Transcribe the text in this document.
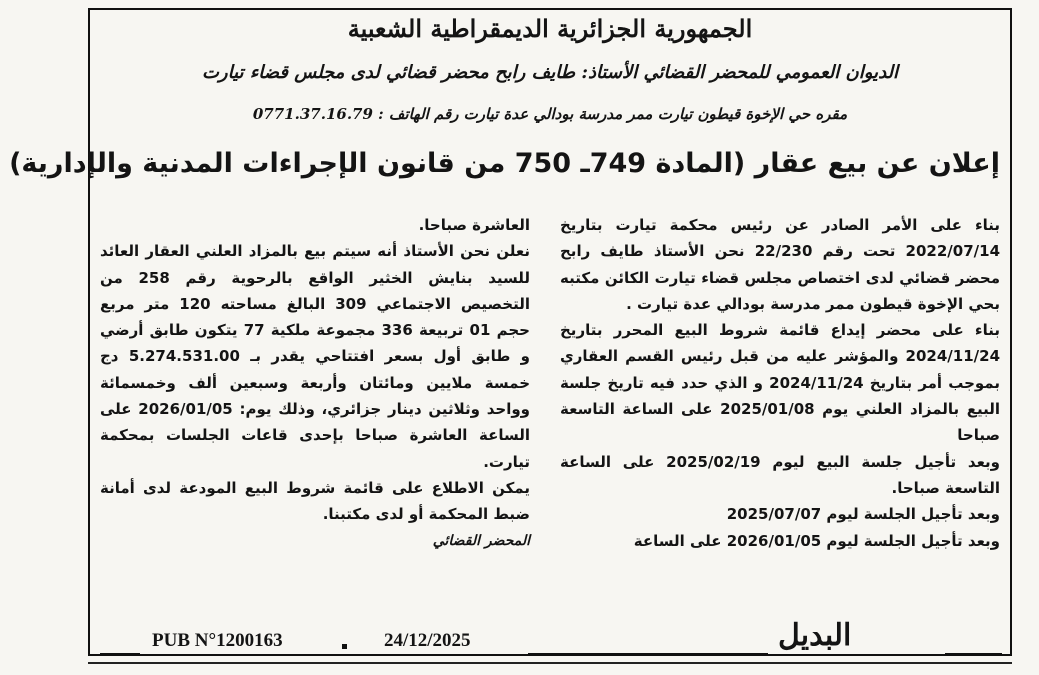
الجمهورية الجزائرية الديمقراطية الشعبية
الديوان العمومي للمحضر القضائي الأستاذ: طايف رابح محضر قضائي لدى مجلس قضاء تيارت
مقره حي الإخوة قيطون تيارت ممر مدرسة بودالي عدة تيارت رقم الهاتف : 0771.37.16.79
إعلان عن بيع عقار (المادة 749ـ 750 من قانون الإجراءات المدنية والإدارية)

بناء على الأمر الصادر عن رئيس محكمة تيارت بتاريخ 2022/07/14 تحت رقم 22/230 نحن الأستاذ طايف رابح محضر قضائي لدى اختصاص مجلس قضاء تيارت الكائن مكتبه بحي الإخوة قيطون ممر مدرسة بودالي عدة تيارت .

بناء على محضر إيداع قائمة شروط البيع المحرر بتاريخ 2024/11/24 والمؤشر عليه من قبل رئيس القسم العقاري بموجب أمر بتاريخ 2024/11/24 و الذي حدد فيه تاريخ جلسة البيع بالمزاد العلني يوم 2025/01/08 على الساعة التاسعة صباحا

وبعد تأجيل جلسة البيع ليوم 2025/02/19 على الساعة التاسعة صباحا.

وبعد تأجيل الجلسة ليوم 2025/07/07

وبعد تأجيل الجلسة ليوم 2026/01/05 على الساعة

العاشرة صباحا.

نعلن نحن الأستاذ أنه سيتم بيع بالمزاد العلني العقار العائد للسيد بنايش الخثير الواقع بالرحوية رقم 258 من التخصيص الاجتماعي 309 البالغ مساحته 120 متر مربع حجم 01 تربيعة 336 مجموعة ملكية 77 يتكون طابق أرضي و طابق أول بسعر افتتاحي يقدر بـ 5.274.531.00 دج خمسة ملايين ومائتان وأربعة وسبعين ألف وخمسمائة وواحد وثلاثين دينار جزائري، وذلك يوم: 2026/01/05 على الساعة العاشرة صباحا بإحدى قاعات الجلسات بمحكمة تيارت.

يمكن الاطلاع على قائمة شروط البيع المودعة لدى أمانة ضبط المحكمة أو لدى مكتبنا.

المحضر القضائي

PUB N°1200163	24/12/2025	البديل
